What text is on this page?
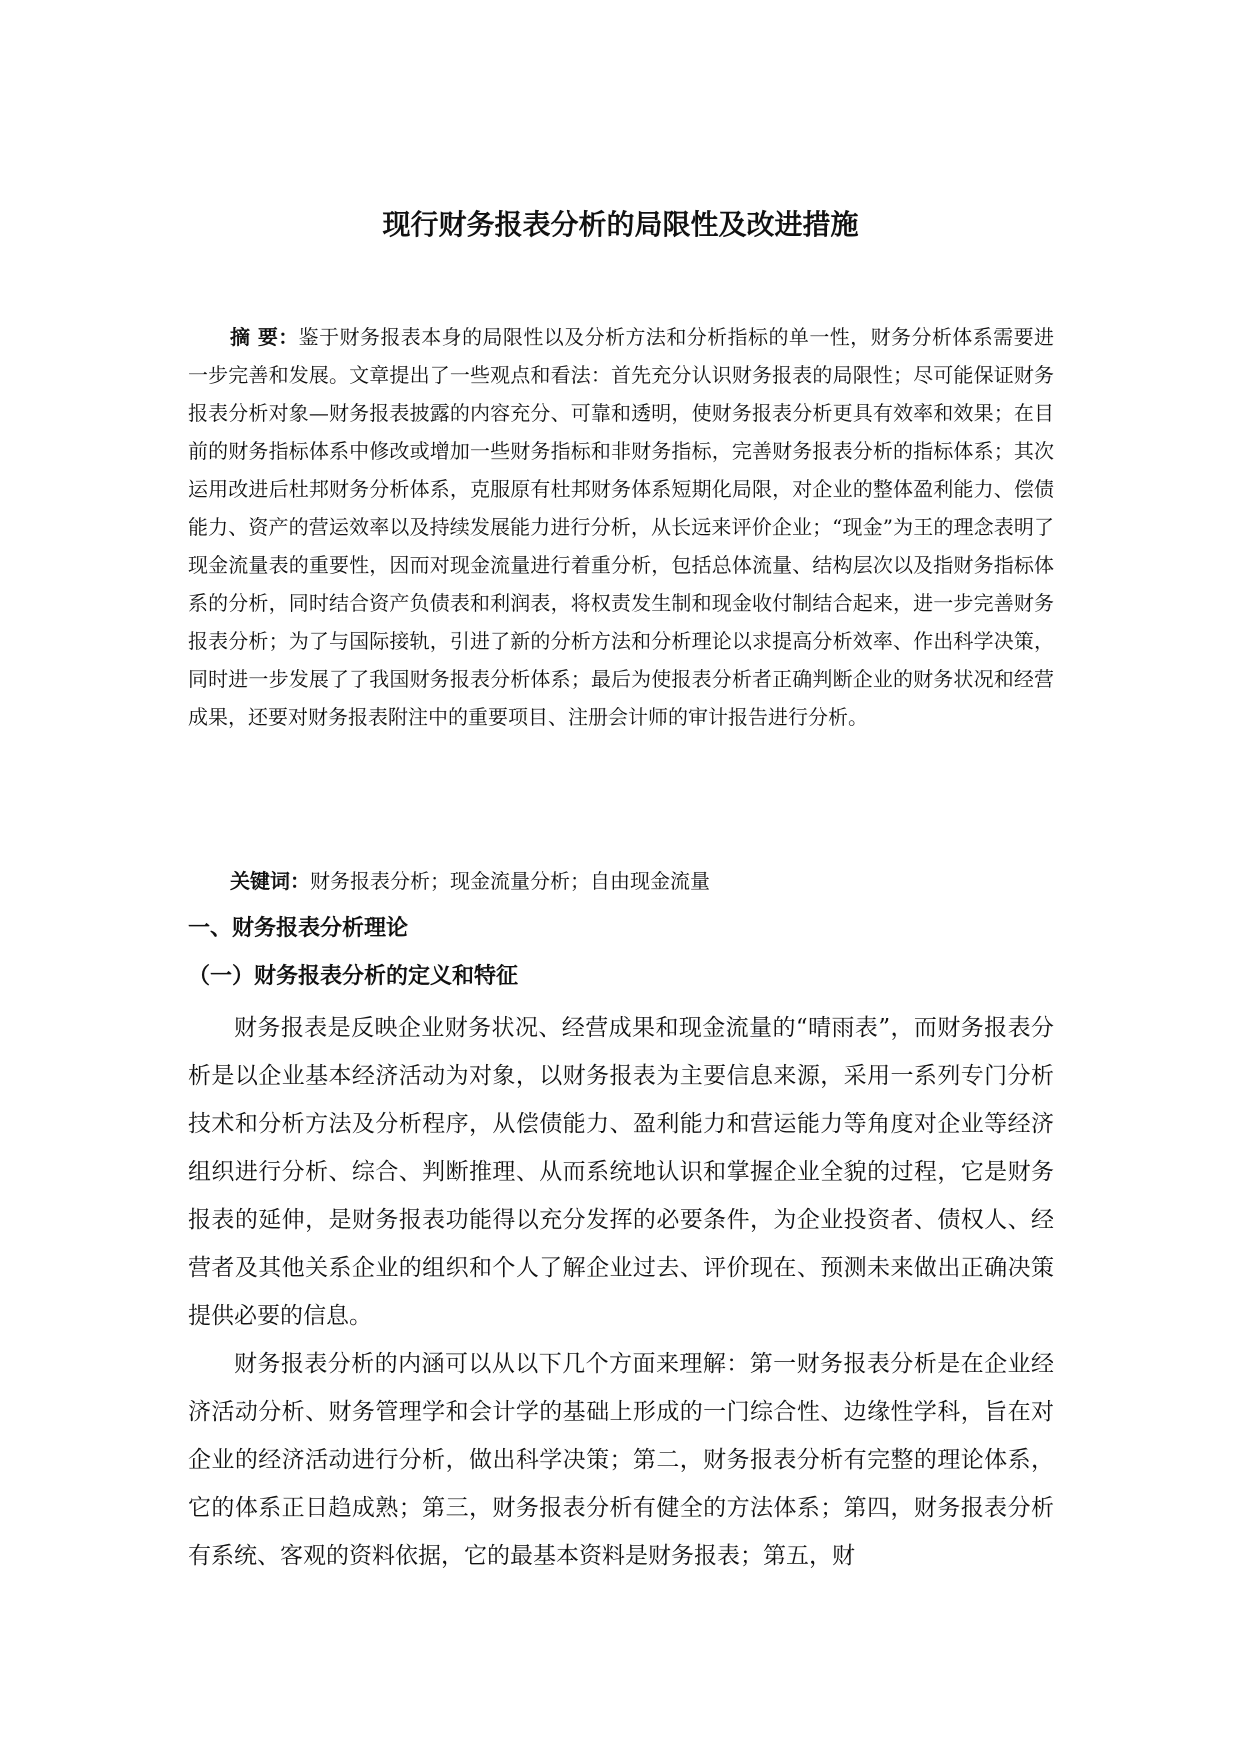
现行财务报表分析的局限性及改进措施

摘 要：鉴于财务报表本身的局限性以及分析方法和分析指标的单一性，财务分析体系需要进一步完善和发展。文章提出了一些观点和看法：首先充分认识财务报表的局限性；尽可能保证财务报表分析对象—财务报表披露的内容充分、可靠和透明，使财务报表分析更具有效率和效果；在目前的财务指标体系中修改或增加一些财务指标和非财务指标，完善财务报表分析的指标体系；其次运用改进后杜邦财务分析体系，克服原有杜邦财务体系短期化局限，对企业的整体盈利能力、偿债能力、资产的营运效率以及持续发展能力进行分析，从长远来评价企业；“现金”为王的理念表明了现金流量表的重要性，因而对现金流量进行着重分析，包括总体流量、结构层次以及指财务指标体系的分析，同时结合资产负债表和利润表，将权责发生制和现金收付制结合起来，进一步完善财务报表分析；为了与国际接轨，引进了新的分析方法和分析理论以求提高分析效率、作出科学决策，同时进一步发展了了我国财务报表分析体系；最后为使报表分析者正确判断企业的财务状况和经营成果，还要对财务报表附注中的重要项目、注册会计师的审计报告进行分析。

关键词：财务报表分析；现金流量分析；自由现金流量

一、财务报表分析理论
（一）财务报表分析的定义和特征

财务报表是反映企业财务状况、经营成果和现金流量的“晴雨表”，而财务报表分析是以企业基本经济活动为对象，以财务报表为主要信息来源，采用一系列专门分析技术和分析方法及分析程序，从偿债能力、盈利能力和营运能力等角度对企业等经济组织进行分析、综合、判断推理、从而系统地认识和掌握企业全貌的过程，它是财务报表的延伸，是财务报表功能得以充分发挥的必要条件，为企业投资者、债权人、经营者及其他关系企业的组织和个人了解企业过去、评价现在、预测未来做出正确决策提供必要的信息。

财务报表分析的内涵可以从以下几个方面来理解：第一财务报表分析是在企业经济活动分析、财务管理学和会计学的基础上形成的一门综合性、边缘性学科，旨在对企业的经济活动进行分析，做出科学决策；第二，财务报表分析有完整的理论体系，它的体系正日趋成熟；第三，财务报表分析有健全的方法体系；第四，财务报表分析有系统、客观的资料依据，它的最基本资料是财务报表；第五，财
